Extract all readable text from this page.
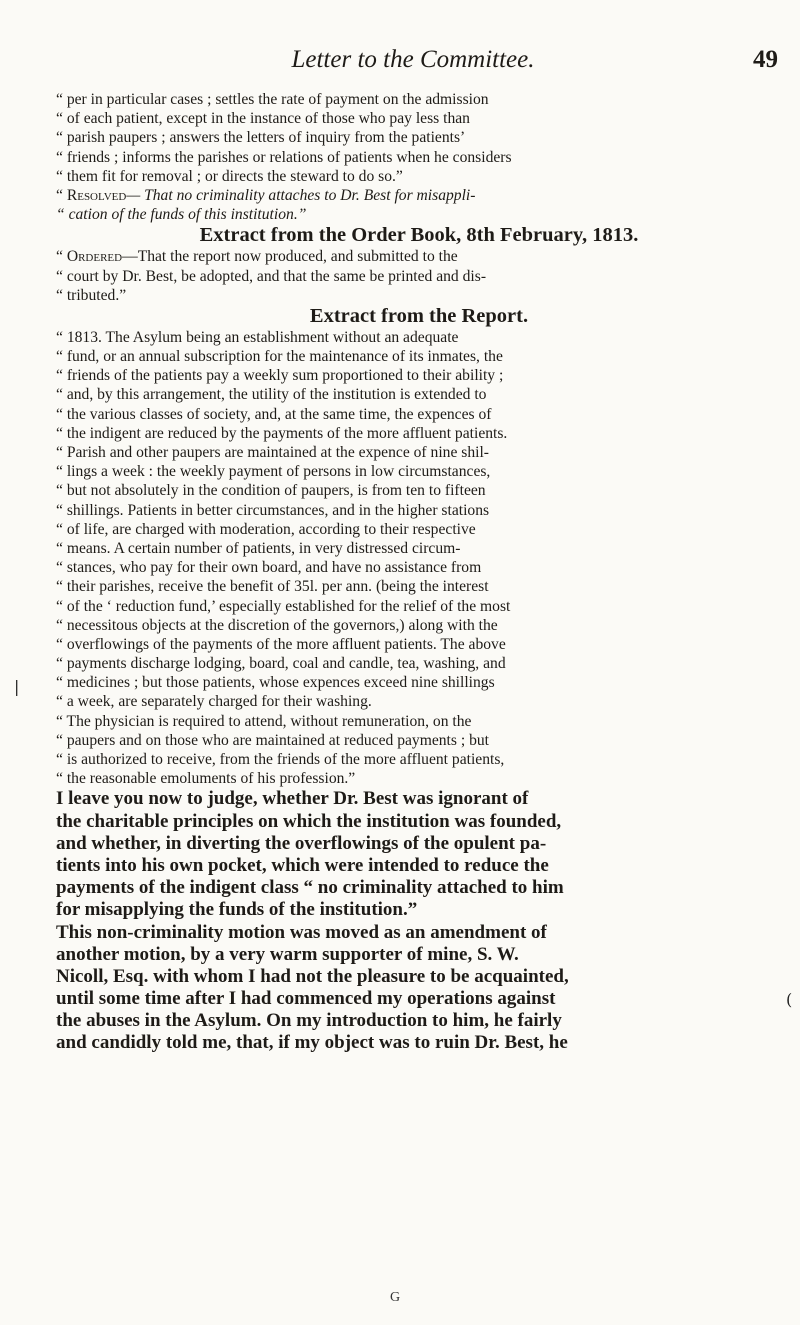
Letter to the Committee.	49
“ per in particular cases ; settles the rate of payment on the admission
“ of each patient, except in the instance of those who pay less than
“ parish paupers ; answers the letters of inquiry from the patients’
“ friends ; informs the parishes or relations of patients when he considers
“ them fit for removal ; or directs the steward to do so.”
“ Resolved— That no criminality attaches to Dr. Best for misappli-
“ cation of the funds of this institution.”
Extract from the Order Book, 8th February, 1813.
“ Ordered—That the report now produced, and submitted to the
“ court by Dr. Best, be adopted, and that the same be printed and dis-
“ tributed.”
Extract from the Report.
“ 1813. The Asylum being an establishment without an adequate
“ fund, or an annual subscription for the maintenance of its inmates, the
“ friends of the patients pay a weekly sum proportioned to their ability ;
“ and, by this arrangement, the utility of the institution is extended to
“ the various classes of society, and, at the same time, the expences of
“ the indigent are reduced by the payments of the more affluent patients.
“ Parish and other paupers are maintained at the expence of nine shil-
“ lings a week : the weekly payment of persons in low circumstances,
“ but not absolutely in the condition of paupers, is from ten to fifteen
“ shillings. Patients in better circumstances, and in the higher stations
“ of life, are charged with moderation, according to their respective
“ means. A certain number of patients, in very distressed circum-
“ stances, who pay for their own board, and have no assistance from
“ their parishes, receive the benefit of 35l. per ann. (being the interest
“ of the ‘ reduction fund,’ especially established for the relief of the most
“ necessitous objects at the discretion of the governors,) along with the
“ overflowings of the payments of the more affluent patients. The above
“ payments discharge lodging, board, coal and candle, tea, washing, and
“ medicines ; but those patients, whose expences exceed nine shillings
“ a week, are separately charged for their washing.
“ The physician is required to attend, without remuneration, on the
“ paupers and on those who are maintained at reduced payments ; but
“ is authorized to receive, from the friends of the more affluent patients,
“ the reasonable emoluments of his profession.”
I leave you now to judge, whether Dr. Best was ignorant of
the charitable principles on which the institution was founded,
and whether, in diverting the overflowings of the opulent pa-
tients into his own pocket, which were intended to reduce the
payments of the indigent class “ no criminality attached to him
for misapplying the funds of the institution.”
This non-criminality motion was moved as an amendment of
another motion, by a very warm supporter of mine, S. W.
Nicoll, Esq. with whom I had not the pleasure to be acquainted,
until some time after I had commenced my operations against
the abuses in the Asylum. On my introduction to him, he fairly
and candidly told me, that, if my object was to ruin Dr. Best, he
|
(
G
